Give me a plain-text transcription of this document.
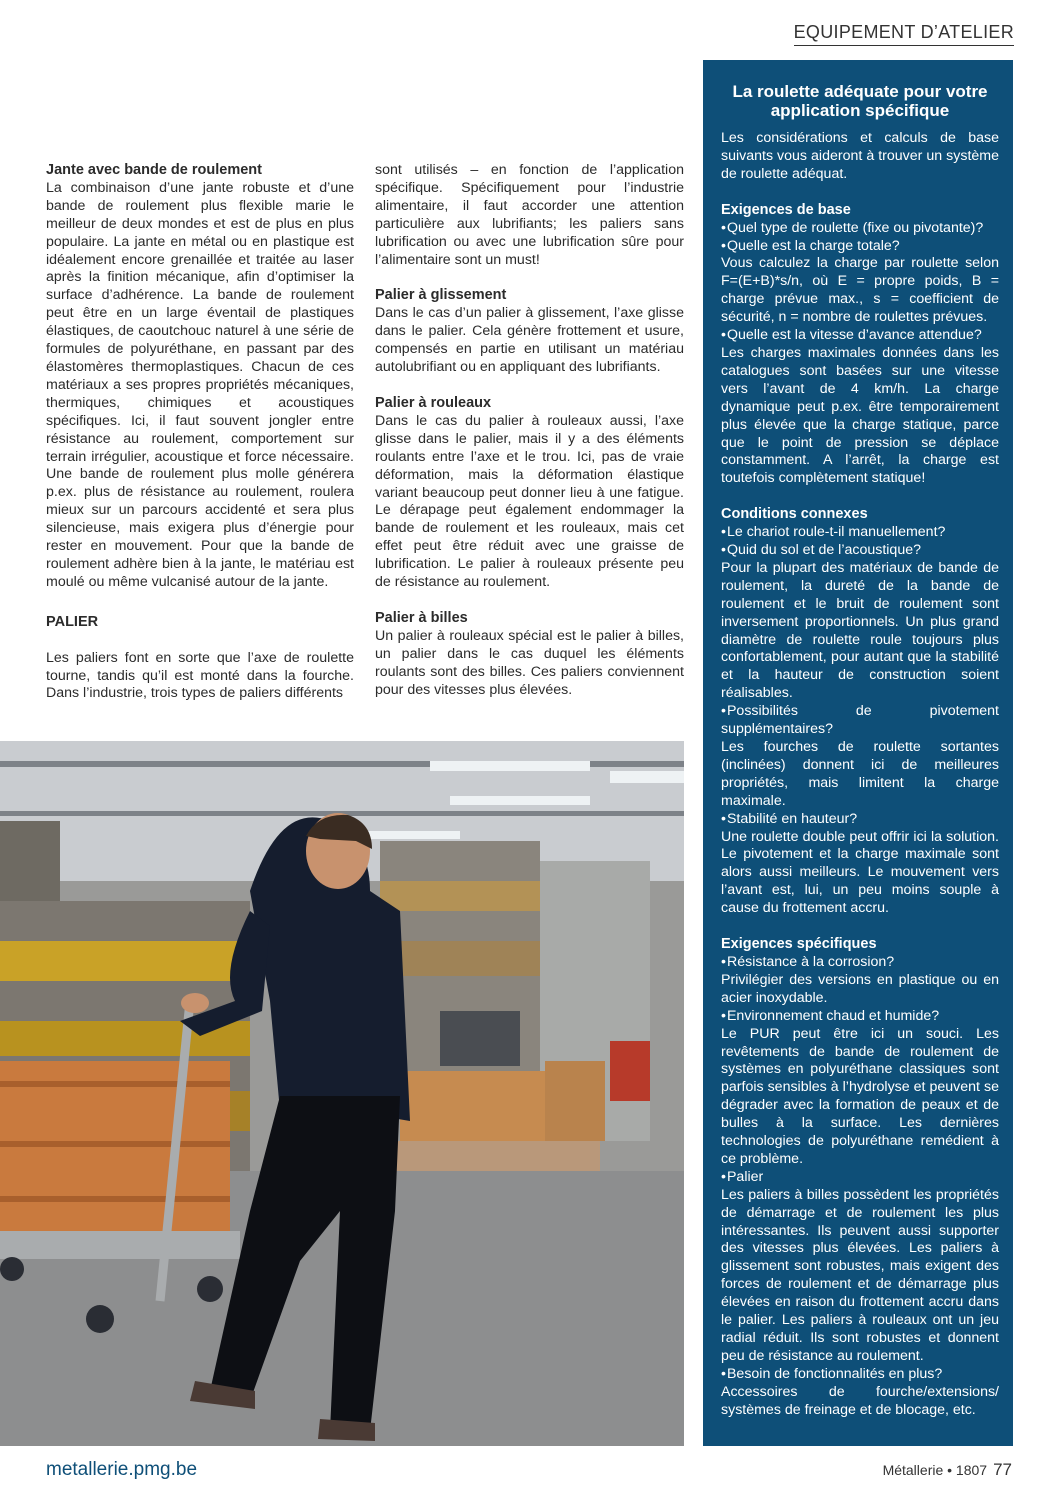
EQUIPEMENT D’ATELIER
Jante avec bande de roulement

La combinaison d’une jante robuste et d’une bande de roulement plus flexible marie le meilleur de deux mondes et est de plus en plus populaire. La jante en métal ou en plastique est idéalement encore grenaillée et traitée au laser après la finition mécanique, afin d’optimiser la surface d’adhérence. La bande de roulement peut être en un large éventail de plastiques élastiques, de caoutchouc naturel à une série de formules de polyuréthane, en passant par des élastomères thermoplastiques. Chacun de ces matériaux a ses propres propriétés mécaniques, thermiques, chimiques et acoustiques spécifiques. Ici, il faut souvent jongler entre résistance au roulement, comportement sur terrain irrégulier, acoustique et force nécessaire. Une bande de roulement plus molle générera p.ex. plus de résistance au roulement, roulera mieux sur un parcours accidenté et sera plus silencieuse, mais exigera plus d’énergie pour rester en mouvement. Pour que la bande de roulement adhère bien à la jante, le matériau est moulé ou même vulcanisé autour de la jante.

PALIER

Les paliers font en sorte que l’axe de roulette tourne, tandis qu’il est monté dans la fourche. Dans l’industrie, trois types de paliers différents

sont utilisés – en fonction de l’application spécifique. Spécifiquement pour l’industrie alimentaire, il faut accorder une attention particulière aux lubrifiants; les paliers sans lubrification ou avec une lubrification sûre pour l’alimentaire sont un must!

Palier à glissement

Dans le cas d’un palier à glissement, l’axe glisse dans le palier. Cela génère frottement et usure, compensés en partie en utilisant un matériau autolubrifiant ou en appliquant des lubrifiants.

Palier à rouleaux

Dans le cas du palier à rouleaux aussi, l’axe glisse dans le palier, mais il y a des éléments roulants entre l’axe et le trou. Ici, pas de vraie déformation, mais la déformation élastique variant beaucoup peut donner lieu à une fatigue. Le dérapage peut également endommager la bande de roulement et les rouleaux, mais cet effet peut être réduit avec une graisse de lubrification. Le palier à rouleaux présente peu de résistance au roulement.

Palier à billes

Un palier à rouleaux spécial est le palier à billes, un palier dans le cas duquel les éléments roulants sont des billes. Ces paliers conviennent pour des vitesses plus élevées.

La roulette adéquate pour votre application spécifique

Les considérations et calculs de base suivants vous aideront à trouver un système de roulette adéquat.

Exigences de base

• Quel type de roulette (fixe ou pivotante)?

• Quelle est la charge totale?

Vous calculez la charge par roulette selon F=(E+B)*s/n, où E = propre poids, B = charge prévue max., s = coefficient de sécurité, n = nombre de roulettes prévues.

• Quelle est la vitesse d’avance attendue?

Les charges maximales données dans les catalogues sont basées sur une vitesse vers l’avant de 4 km/h. La charge dynamique peut p.ex. être temporairement plus élevée que la charge statique, parce que le point de pression se déplace constamment. A l’arrêt, la charge est toutefois complètement statique!

Conditions connexes

• Le chariot roule-t-il manuellement?

• Quid du sol et de l’acoustique?

Pour la plupart des matériaux de bande de roulement, la dureté de la bande de roulement et le bruit de roulement sont inversement proportionnels. Un plus grand diamètre de roulette roule toujours plus confortablement, pour autant que la stabilité et la hauteur de construction soient réalisables.

• Possibilités de pivotement supplémentaires?

Les fourches de roulette sortantes (inclinées) donnent ici de meilleures propriétés, mais limitent la charge maximale.

• Stabilité en hauteur?

Une roulette double peut offrir ici la solution. Le pivotement et la charge maximale sont alors aussi meilleurs. Le mouvement vers l’avant est, lui, un peu moins souple à cause du frottement accru.

Exigences spécifiques

• Résistance à la corrosion?

Privilégier des versions en plastique ou en acier inoxydable.

• Environnement chaud et humide?

Le PUR peut être ici un souci. Les revêtements de bande de roulement de systèmes en polyuréthane classiques sont parfois sensibles à l’hydrolyse et peuvent se dégrader avec la formation de peaux et de bulles à la surface. Les dernières technologies de polyuréthane remédient à ce problème.

• Palier

Les paliers à billes possèdent les propriétés de démarrage et de roulement les plus intéressantes. Ils peuvent aussi supporter des vitesses plus élevées. Les paliers à glissement sont robustes, mais exigent des forces de roulement et de démarrage plus élevées en raison du frottement accru dans le palier. Les paliers à rouleaux ont un jeu radial réduit. Ils sont robustes et donnent peu de résistance au roulement.

• Besoin de fonctionnalités en plus?

Accessoires de fourche/extensions/ systèmes de freinage et de blocage, etc.

metallerie.pmg.be	Métallerie • 1807 77
